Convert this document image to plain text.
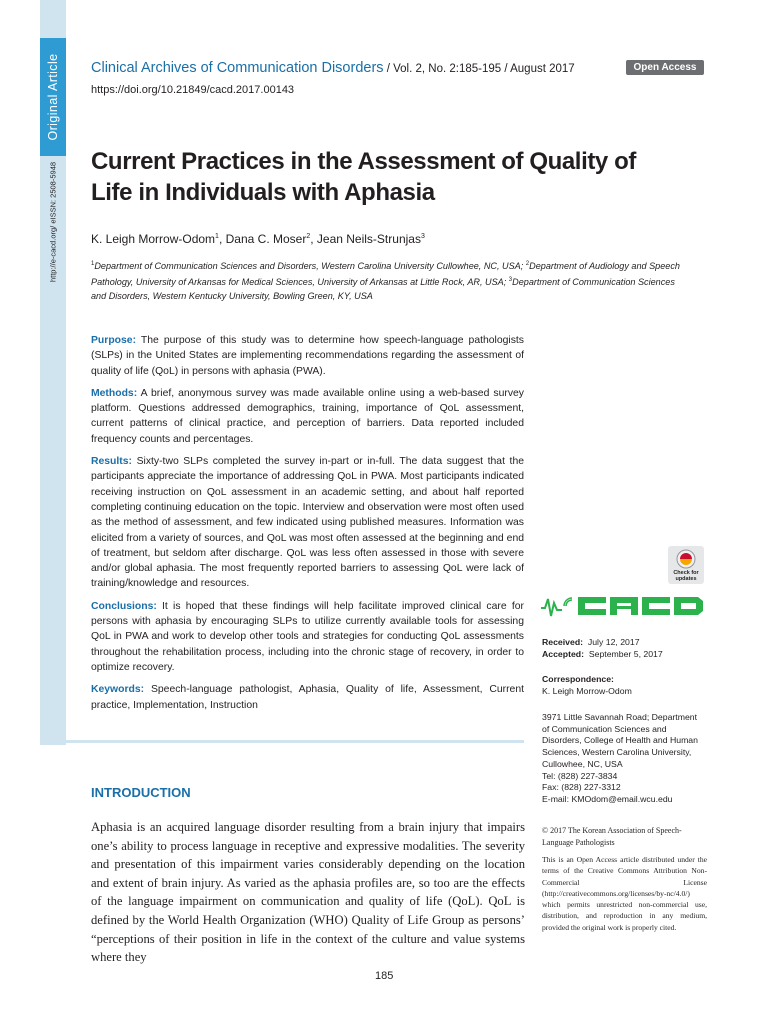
Original Article
http://e-cacd.org/ eISSN: 2508-5948
Clinical Archives of Communication Disorders / Vol. 2, No. 2:185-195 / August 2017	Open Access
https://doi.org/10.21849/cacd.2017.00143
Current Practices in the Assessment of Quality of Life in Individuals with Aphasia
K. Leigh Morrow-Odom$^1$, Dana C. Moser$^2$, Jean Neils-Strunjas$^3$
$^1$Department of Communication Sciences and Disorders, Western Carolina University Cullowhee, NC, USA; $^2$Department of Audiology and Speech Pathology, University of Arkansas for Medical Sciences, University of Arkansas at Little Rock, AR, USA; $^3$Department of Communication Sciences and Disorders, Western Kentucky University, Bowling Green, KY, USA

Purpose: The purpose of this study was to determine how speech-language pathologists (SLPs) in the United States are implementing recommendations regarding the assessment of quality of life (QoL) in persons with aphasia (PWA).

Methods: A brief, anonymous survey was made available online using a web-based survey platform. Questions addressed demographics, training, importance of QoL assessment, current patterns of clinical practice, and perception of barriers. Data reported included frequency counts and percentages.

Results: Sixty-two SLPs completed the survey in-part or in-full. The data suggest that the participants appreciate the importance of addressing QoL in PWA. Most participants indicated receiving instruction on QoL assessment in an academic setting, and about half reported completing continuing education on the topic. Interview and observation were most often used as the method of assessment, and few indicated using published measures. Information was elicited from a variety of sources, and QoL was most often assessed at the beginning and end of treatment, but seldom after discharge. QoL was less often assessed in those with severe and/or global aphasia. The most frequently reported barriers to assessing QoL were lack of training/knowledge and resources.

Conclusions: It is hoped that these findings will help facilitate improved clinical care for persons with aphasia by encouraging SLPs to utilize currently available tools for assessing QoL in PWA and work to develop other tools and strategies for conducting QoL assessments throughout the rehabilitation process, including into the chronic stage of recovery, in order to optimize recovery.

Keywords: Speech-language pathologist, Aphasia, Quality of life, Assessment, Current practice, Implementation, Instruction

Check for
updates
Received: July 12, 2017
Accepted: September 5, 2017
Correspondence:
K. Leigh Morrow-Odom
3971 Little Savannah Road; Department
of Communication Sciences and
Disorders, College of Health and Human
Sciences, Western Carolina University,
Cullowhee, NC, USA
Tel: (828) 227-3834
Fax: (828) 227-3312
E-mail: KMOdom@email.wcu.edu
© 2017 The Korean Association of Speech-Language Pathologists
This is an Open Access article distributed under the terms of the Creative Commons Attribution Non-Commercial License (http://creativecommons.org/licenses/by-nc/4.0/) which permits unrestricted non-commercial use, distribution, and reproduction in any medium, provided the original work is properly cited.
INTRODUCTION
Aphasia is an acquired language disorder resulting from a brain injury that impairs one’s ability to process language in receptive and expressive modalities. The severity and presentation of this impairment varies considerably depending on the location and extent of brain injury. As varied as the aphasia profiles are, so too are the effects of the language impairment on communication and quality of life (QoL). QoL is defined by the World Health Organization (WHO) Quality of Life Group as persons’ “perceptions of their position in life in the context of the culture and value systems where they
185
